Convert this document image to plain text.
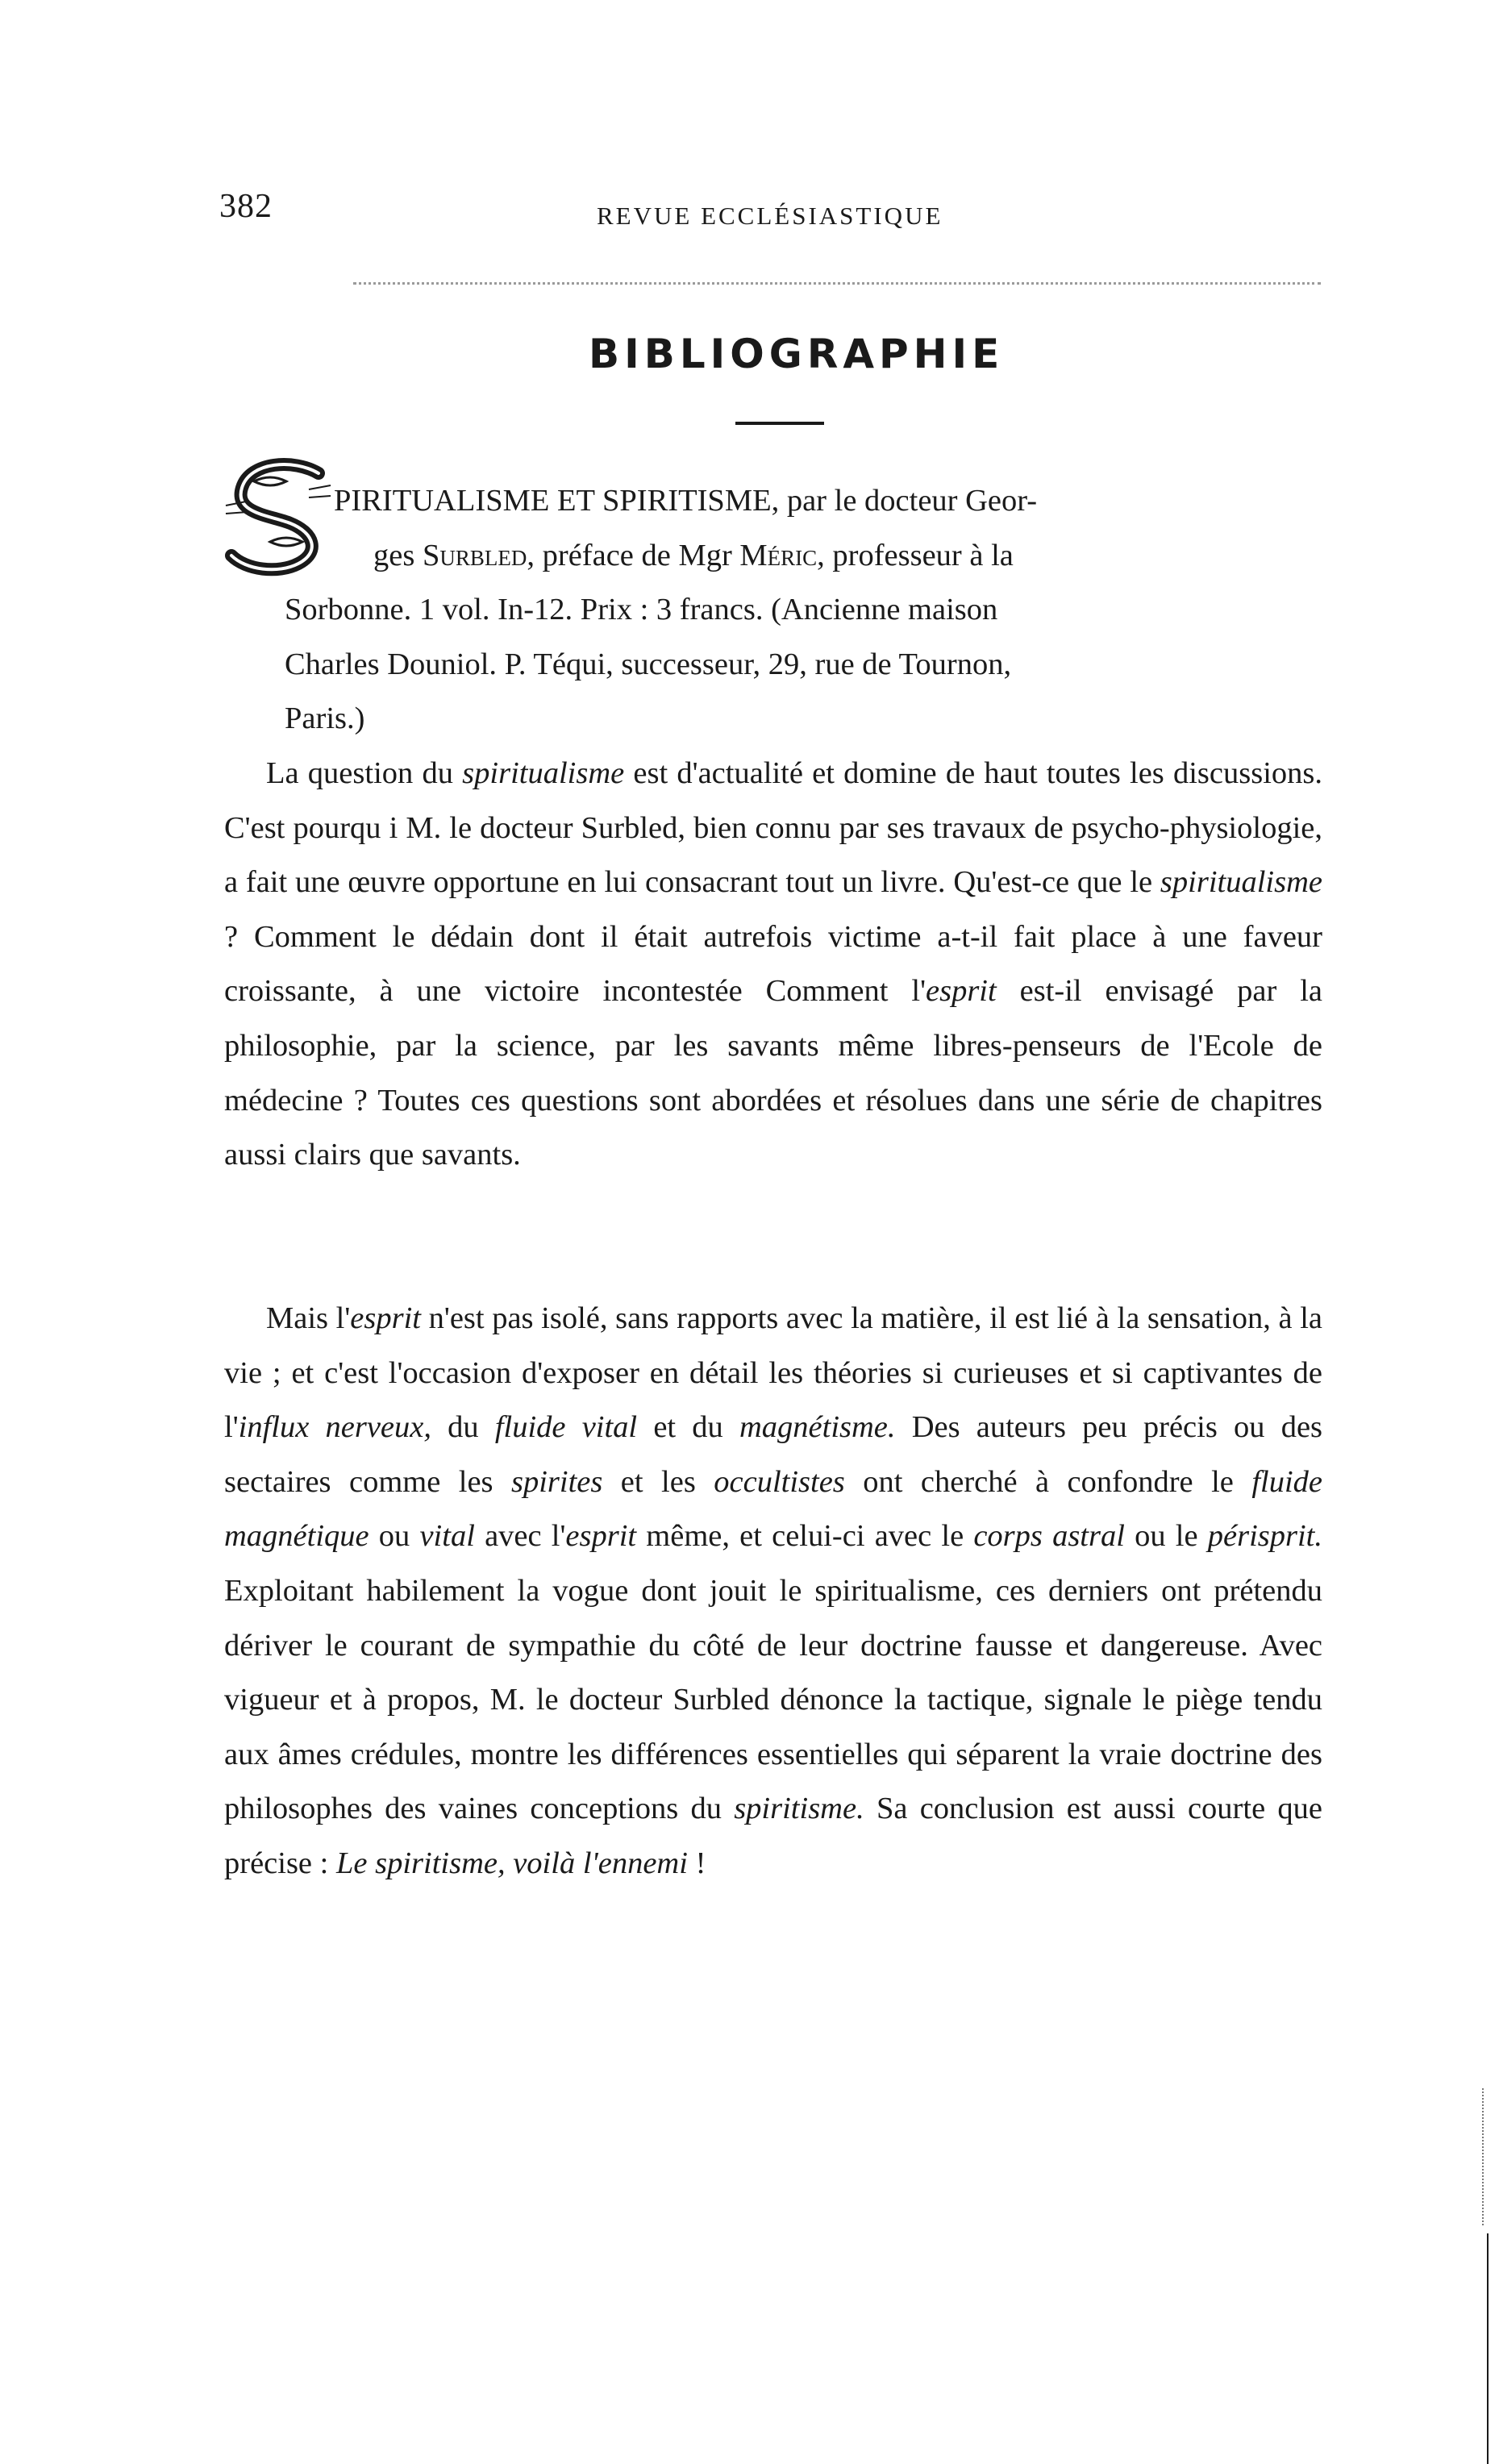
382	REVUE ECCLÉSIASTIQUE
BIBLIOGRAPHIE
PIRITUALISME ET SPIRITISME, par le docteur Geor-
ges Surbled, préface de Mgr Méric, professeur à la
Sorbonne. 1 vol. In-12. Prix : 3 francs. (Ancienne maison
Charles Douniol. P. Téqui, successeur, 29, rue de Tournon,
Paris.)

La question du spiritualisme est d'actualité et domine de haut toutes les discussions. C'est pourqu i M. le docteur Surbled, bien connu par ses travaux de psycho-physiologie, a fait une œuvre opportune en lui consacrant tout un livre. Qu'est-ce que le spiritualisme ? Comment le dédain dont il était autrefois victime a-t-il fait place à une faveur croissante, à une victoire incontestée Comment l'esprit est-il envisagé par la philosophie, par la science, par les savants même libres-penseurs de l'Ecole de médecine ? Toutes ces questions sont abordées et résolues dans une série de chapitres aussi clairs que savants.

Mais l'esprit n'est pas isolé, sans rapports avec la matière, il est lié à la sensation, à la vie ; et c'est l'occasion d'exposer en détail les théories si curieuses et si captivantes de l'influx nerveux, du fluide vital et du magnétisme. Des auteurs peu précis ou des sectaires comme les spirites et les occultistes ont cherché à confondre le fluide magnétique ou vital avec l'esprit même, et celui-ci avec le corps astral ou le périsprit. Exploitant habilement la vogue dont jouit le spiritualisme, ces derniers ont prétendu dériver le courant de sympathie du côté de leur doctrine fausse et dangereuse. Avec vigueur et à propos, M. le docteur Surbled dénonce la tactique, signale le piège tendu aux âmes crédules, montre les différences essentielles qui séparent la vraie doctrine des philosophes des vaines conceptions du spiritisme. Sa conclusion est aussi courte que précise : Le spiritisme, voilà l'ennemi !
